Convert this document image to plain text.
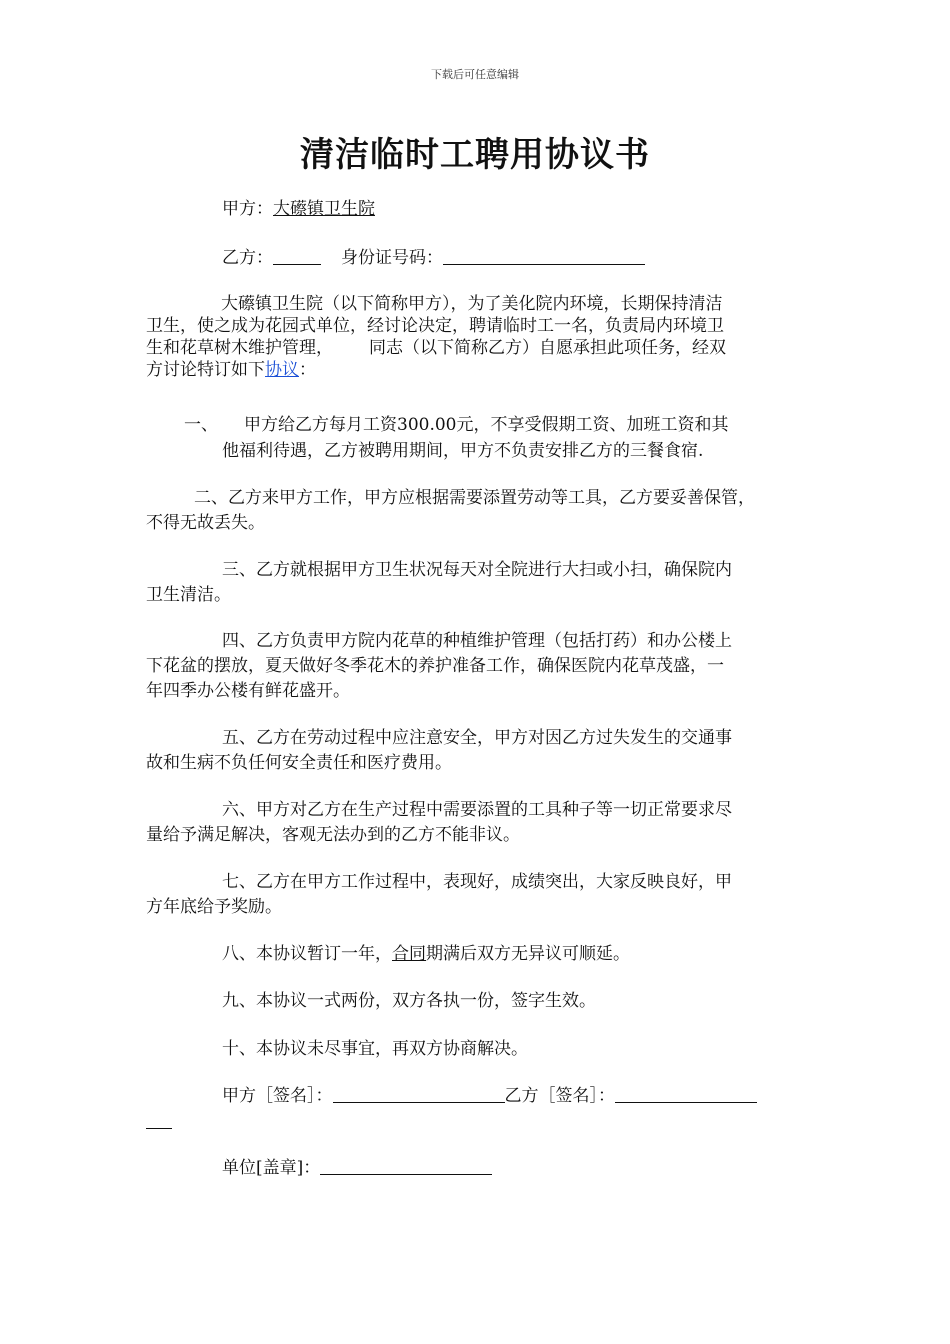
下载后可任意编辑
清洁临时工聘用协议书
甲方：大礤镇卫生院
乙方：	身份证号码：
大礤镇卫生院（以下简称甲方），为了美化院内环境，长期保持清洁
卫生，使之成为花园式单位，经讨论决定，聘请临时工一名，负责局内环境卫
生和花草树木维护管理， 同志（以下简称乙方）自愿承担此项任务，经双
方讨论特订如下协议：
一、 甲方给乙方每月工资300.00元，不享受假期工资、加班工资和其
他福利待遇，乙方被聘用期间，甲方不负责安排乙方的三餐食宿.
二、乙方来甲方工作，甲方应根据需要添置劳动等工具，乙方要妥善保管，
不得无故丢失。
三、乙方就根据甲方卫生状况每天对全院进行大扫或小扫，确保院内
卫生清洁。
四、乙方负责甲方院内花草的种植维护管理（包括打药）和办公楼上
下花盆的摆放，夏天做好冬季花木的养护准备工作，确保医院内花草茂盛，一
年四季办公楼有鲜花盛开。
五、乙方在劳动过程中应注意安全，甲方对因乙方过失发生的交通事
故和生病不负任何安全责任和医疗费用。
六、甲方对乙方在生产过程中需要添置的工具种子等一切正常要求尽
量给予满足解决，客观无法办到的乙方不能非议。
七、乙方在甲方工作过程中，表现好，成绩突出，大家反映良好，甲
方年底给予奖励。
八、本协议暂订一年，合同期满后双方无异议可顺延。
九、本协议一式两份，双方各执一份，签字生效。
十、本协议未尽事宜，再双方协商解决。
甲方［签名］：	乙方［签名］：
单位[盖章]：
